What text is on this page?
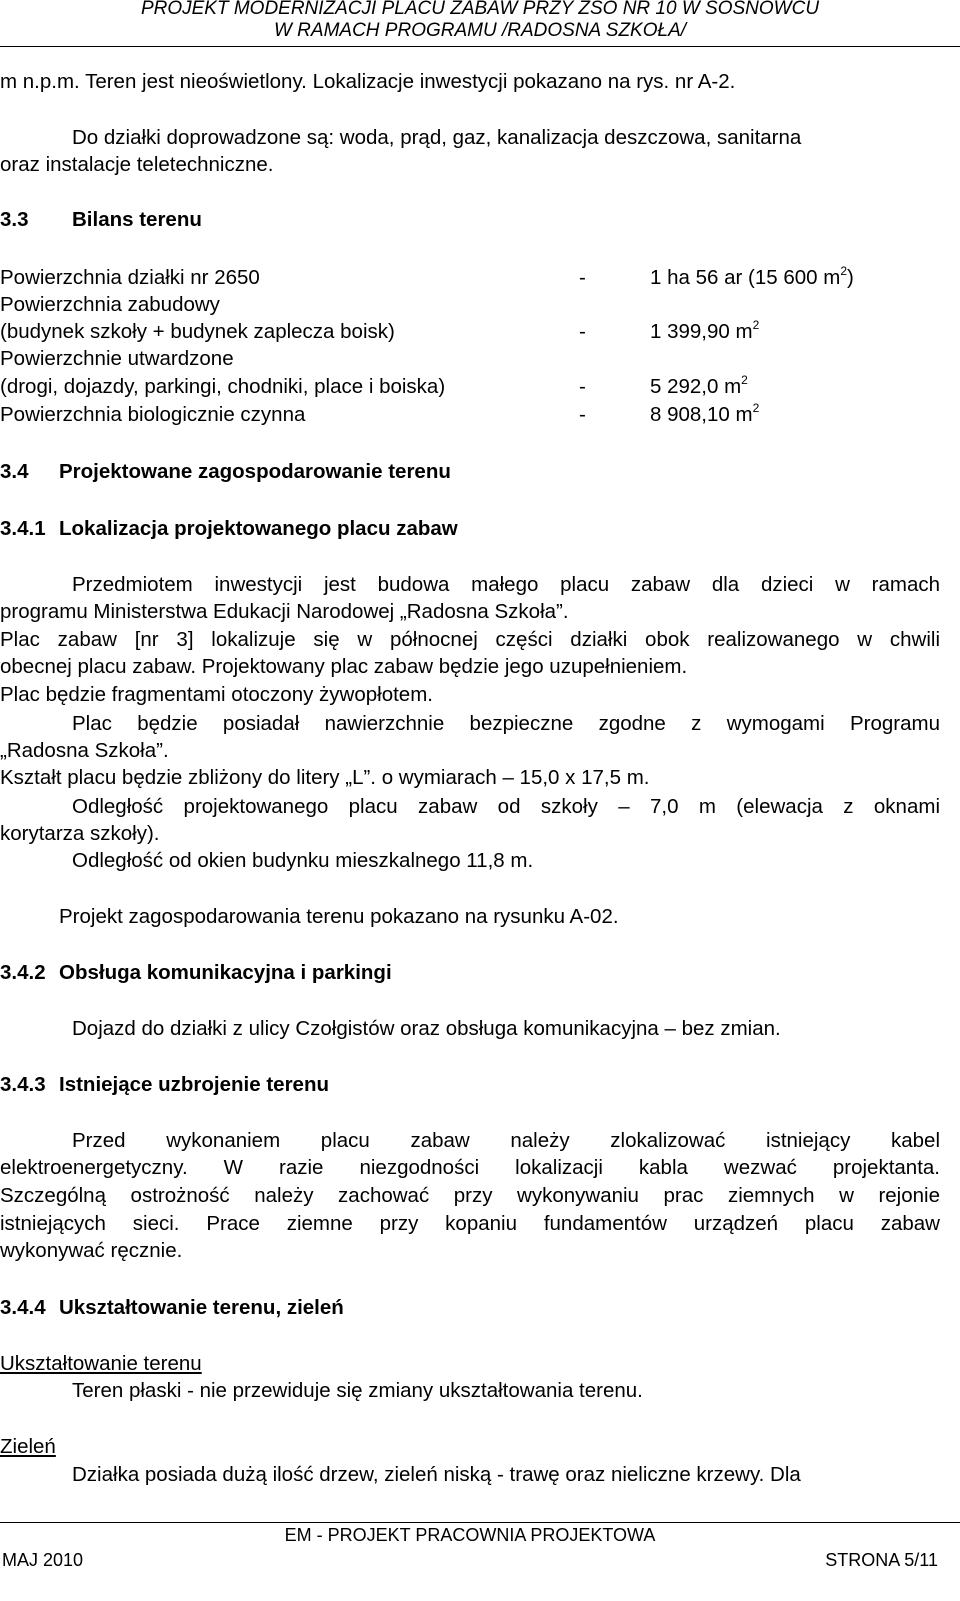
PROJEKT MODERNIZACJI PLACU ZABAW PRZY ZSO NR 10 W SOSNOWCU
W RAMACH PROGRAMU /RADOSNA SZKOŁA/
m n.p.m. Teren jest nieoświetlony. Lokalizacje inwestycji pokazano na rys. nr A-2.
Do działki doprowadzone są: woda, prąd, gaz, kanalizacja deszczowa, sanitarna
oraz instalacje teletechniczne.
3.3 Bilans terenu
Powierzchnia działki nr 2650	-	1 ha 56 ar (15 600 $m^2$)
Powierzchnia zabudowy
(budynek szkoły + budynek zaplecza boisk)	-	1 399,90 $m^2$
Powierzchnie utwardzone
(drogi, dojazdy, parkingi, chodniki, place i boiska)	-	5 292,0 $m^2$
Powierzchnia biologicznie czynna	-	8 908,10 $m^2$
3.4 Projektowane zagospodarowanie terenu
3.4.1 Lokalizacja projektowanego placu zabaw
Przedmiotem inwestycji jest budowa małego placu zabaw dla dzieci w ramach
programu Ministerstwa Edukacji Narodowej „Radosna Szkoła”.
Plac zabaw [nr 3] lokalizuje się w północnej części działki obok realizowanego w chwili
obecnej placu zabaw. Projektowany plac zabaw będzie jego uzupełnieniem.
Plac będzie fragmentami otoczony żywopłotem.
Plac będzie posiadał nawierzchnie bezpieczne zgodne z wymogami Programu
„Radosna Szkoła”.
Kształt placu będzie zbliżony do litery „L”. o wymiarach – 15,0 x 17,5 m.
Odległość projektowanego placu zabaw od szkoły – 7,0 m (elewacja z oknami
korytarza szkoły).
Odległość od okien budynku mieszkalnego 11,8 m.
Projekt zagospodarowania terenu pokazano na rysunku A-02.
3.4.2 Obsługa komunikacyjna i parkingi
Dojazd do działki z ulicy Czołgistów oraz obsługa komunikacyjna – bez zmian.
3.4.3 Istniejące uzbrojenie terenu
Przed wykonaniem placu zabaw należy zlokalizować istniejący kabel
elektroenergetyczny. W razie niezgodności lokalizacji kabla wezwać projektanta.
Szczególną ostrożność należy zachować przy wykonywaniu prac ziemnych w rejonie
istniejących sieci. Prace ziemne przy kopaniu fundamentów urządzeń placu zabaw
wykonywać ręcznie.
3.4.4 Ukształtowanie terenu, zieleń
Ukształtowanie terenu
Teren płaski - nie przewiduje się zmiany ukształtowania terenu.
Zieleń
Działka posiada dużą ilość drzew, zieleń niską - trawę oraz nieliczne krzewy. Dla
EM - PROJEKT PRACOWNIA PROJEKTOWA
MAJ 2010	STRONA 5/11
